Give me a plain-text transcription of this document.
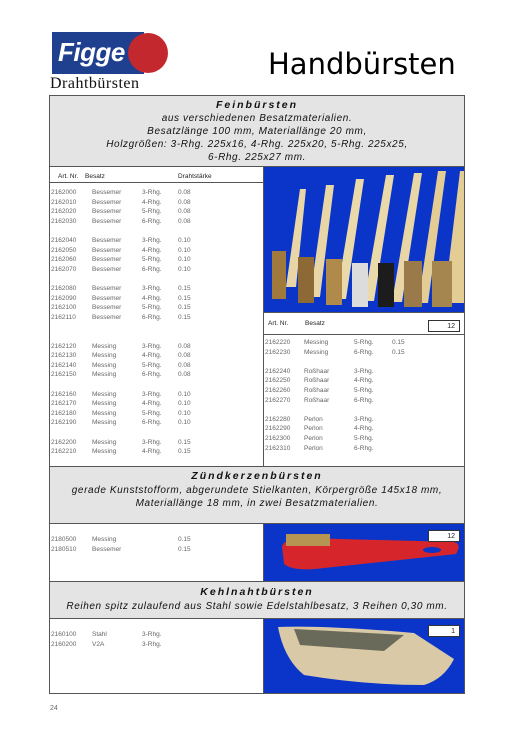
Figge
Drahtbürsten
Handbürsten
Feinbürsten
aus verschiedenen Besatzmaterialien.
Besatzlänge 100 mm, Materiallänge 20 mm,
Holzgrößen: 3-Rhg. 225x16, 4-Rhg. 225x20, 5-Rhg. 225x25,
6-Rhg. 225x27 mm.
Art. Nr. Besatz	Drahtstärke
2162000 Bessemer	3-Rhg.	0.08
2162010 Bessemer	4-Rhg.	0.08
2162020 Bessemer	5-Rhg.	0.08
2162030 Bessemer	6-Rhg.	0.08
2162040 Bessemer	3-Rhg.	0.10
2162050 Bessemer	4-Rhg.	0.10
2162060 Bessemer	5-Rhg.	0.10
2162070 Bessemer	6-Rhg.	0.10
2162080 Bessemer	3-Rhg.	0.15
2162090 Bessemer	4-Rhg.	0.15
2162100 Bessemer	5-Rhg.	0.15
2162110 Bessemer	6-Rhg.	0.15
2162120 Messing	3-Rhg.	0.08
2162130 Messing	4-Rhg.	0.08
2162140 Messing	5-Rhg.	0.08
2162150 Messing	6-Rhg.	0.08
2162160 Messing	3-Rhg.	0.10
2162170 Messing	4-Rhg.	0.10
2162180 Messing	5-Rhg.	0.10
2162190 Messing	6-Rhg.	0.10
2162200 Messing	3-Rhg.	0.15
2162210 Messing	4-Rhg.	0.15
Art. Nr.	Besatz	12
2162220 Messing	5-Rhg.	0.15
2162230 Messing	6-Rhg.	0.15
2162240 Roßhaar	3-Rhg.
2162250 Roßhaar	4-Rhg.
2162260 Roßhaar	5-Rhg.
2162270 Roßhaar	6-Rhg.
2162280 Perlon	3-Rhg.
2162290 Perlon	4-Rhg.
2162300 Perlon	5-Rhg.
2162310 Perlon	6-Rhg.
Zündkerzenbürsten
gerade Kunststofform, abgerundete Stielkanten, Körpergröße 145x18 mm,
Materiallänge 18 mm, in zwei Besatzmaterialien.
2180500 Messing	0.15
2180510 Bessemer	0.15
12
Kehlnahtbürsten
Reihen spitz zulaufend aus Stahl sowie Edelstahlbesatz, 3 Reihen 0,30 mm.
2160100 Stahl	3-Rhg.
2160200 V2A	3-Rhg.
1
24
